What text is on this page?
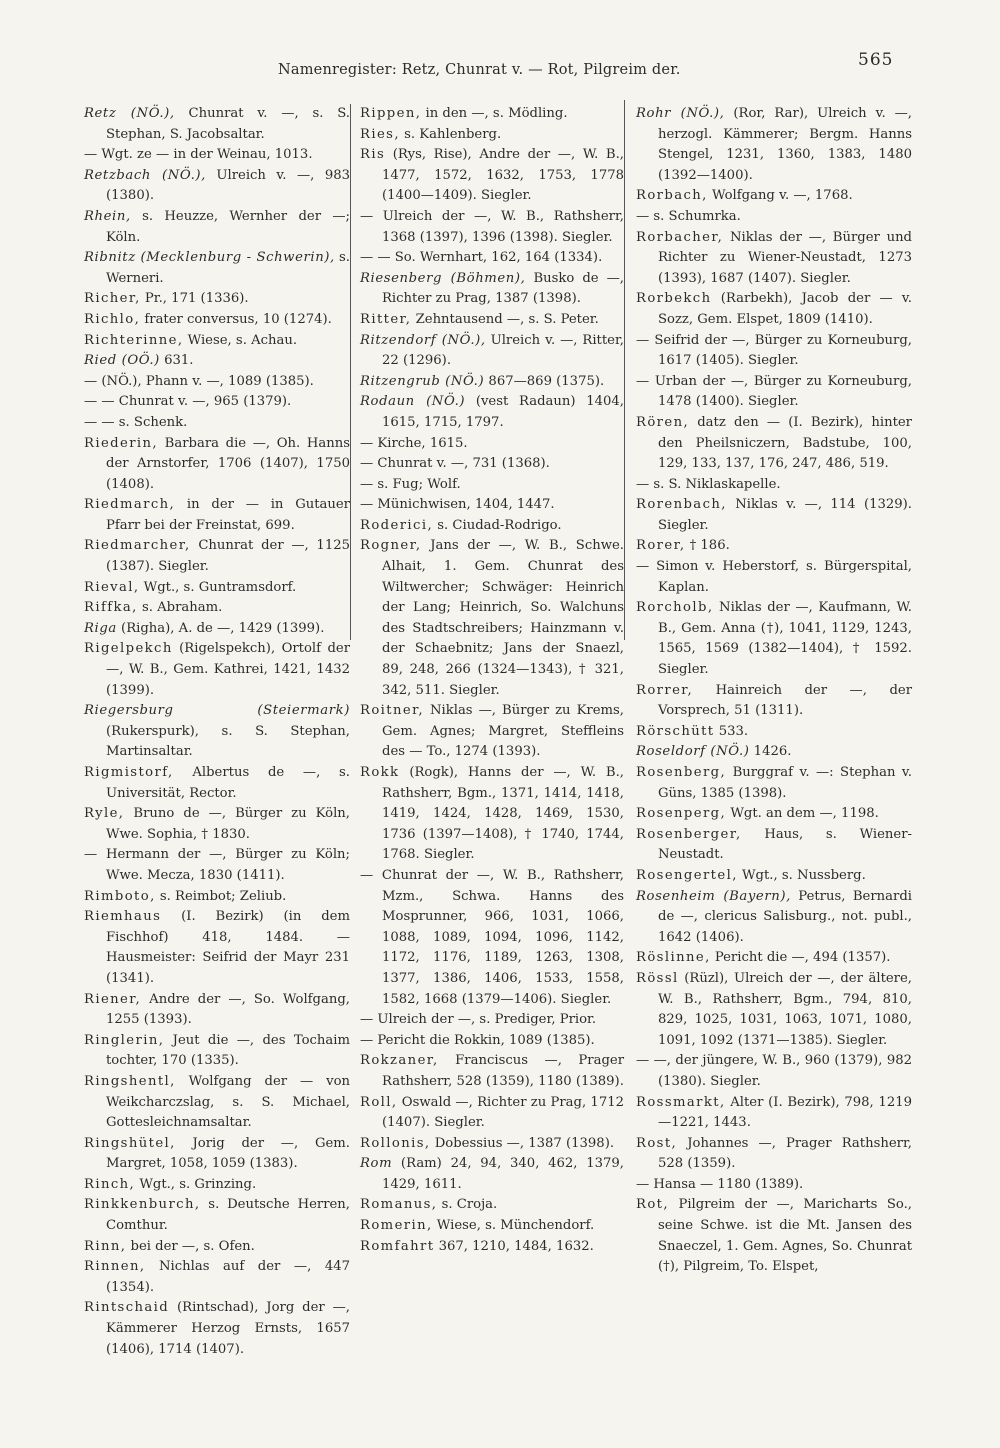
Namenregister: Retz, Chunrat v. — Rot, Pilgreim der.	565

Retz (NÖ.), Chunrat v. —, s. S. Stephan, S. Jacobsaltar.

— Wgt. ze — in der Weinau, 1013.

Retzbach (NÖ.), Ulreich v. —, 983 (1380).

Rhein, s. Heuzze, Wernher der —; Köln.

Ribnitz (Mecklenburg - Schwerin), s. Werneri.

Richer, Pr., 171 (1336).

Richlo, frater conversus, 10 (1274).

Richterinne, Wiese, s. Achau.

Ried (OÖ.) 631.

— (NÖ.), Phann v. —, 1089 (1385).

— — Chunrat v. —, 965 (1379).

— — s. Schenk.

Riederin, Barbara die —, Oh. Hanns der Arnstorfer, 1706 (1407), 1750 (1408).

Riedmarch, in der — in Gutauer Pfarr bei der Freinstat, 699.

Riedmarcher, Chunrat der —, 1125 (1387). Siegler.

Rieval, Wgt., s. Guntramsdorf.

Riffka, s. Abraham.

Riga (Righa), A. de —, 1429 (1399).

Rigelpekch (Rigelspekch), Ortolf der —, W. B., Gem. Kathrei, 1421, 1432 (1399).

Riegersburg (Steiermark) (Rukerspurk), s. S. Stephan, Martinsaltar.

Rigmistorf, Albertus de —, s. Universität, Rector.

Ryle, Bruno de —, Bürger zu Köln, Wwe. Sophia, † 1830.

— Hermann der —, Bürger zu Köln; Wwe. Mecza, 1830 (1411).

Rimboto, s. Reimbot; Zeliub.

Riemhaus (I. Bezirk) (in dem Fischhof) 418, 1484. — Hausmeister: Seifrid der Mayr 231 (1341).

Riener, Andre der —, So. Wolfgang, 1255 (1393).

Ringlerin, Jeut die —, des Tochaim tochter, 170 (1335).

Ringshentl, Wolfgang der — von Weikcharczslag, s. S. Michael, Gottesleichnamsaltar.

Ringshütel, Jorig der —, Gem. Margret, 1058, 1059 (1383).

Rinch, Wgt., s. Grinzing.

Rinkkenburch, s. Deutsche Herren, Comthur.

Rinn, bei der —, s. Ofen.

Rinnen, Nichlas auf der —, 447 (1354).

Rintschaid (Rintschad), Jorg der —, Kämmerer Herzog Ernsts, 1657 (1406), 1714 (1407).

Rippen, in den —, s. Mödling.

Ries, s. Kahlenberg.

Ris (Rys, Rise), Andre der —, W. B., 1477, 1572, 1632, 1753, 1778 (1400—1409). Siegler.

— Ulreich der —, W. B., Rathsherr, 1368 (1397), 1396 (1398). Siegler.

— — So. Wernhart, 162, 164 (1334).

Riesenberg (Böhmen), Busko de —, Richter zu Prag, 1387 (1398).

Ritter, Zehntausend —, s. S. Peter.

Ritzendorf (NÖ.), Ulreich v. —, Ritter, 22 (1296).

Ritzengrub (NÖ.) 867—869 (1375).

Rodaun (NÖ.) (vest Radaun) 1404, 1615, 1715, 1797.

— Kirche, 1615.

— Chunrat v. —, 731 (1368).

— s. Fug; Wolf.

— Münichwisen, 1404, 1447.

Roderici, s. Ciudad-Rodrigo.

Rogner, Jans der —, W. B., Schwe. Alhait, 1. Gem. Chunrat des Wiltwercher; Schwäger: Heinrich der Lang; Heinrich, So. Walchuns des Stadtschreibers; Hainzmann v. der Schaebnitz; Jans der Snaezl, 89, 248, 266 (1324—1343), † 321, 342, 511. Siegler.

Roitner, Niklas —, Bürger zu Krems, Gem. Agnes; Margret, Steffleins des — To., 1274 (1393).

Rokk (Rogk), Hanns der —, W. B., Rathsherr, Bgm., 1371, 1414, 1418, 1419, 1424, 1428, 1469, 1530, 1736 (1397—1408), † 1740, 1744, 1768. Siegler.

— Chunrat der —, W. B., Rathsherr, Mzm., Schwa. Hanns des Mosprunner, 966, 1031, 1066, 1088, 1089, 1094, 1096, 1142, 1172, 1176, 1189, 1263, 1308, 1377, 1386, 1406, 1533, 1558, 1582, 1668 (1379—1406). Siegler.

— Ulreich der —, s. Prediger, Prior.

— Pericht die Rokkin, 1089 (1385).

Rokzaner, Franciscus —, Prager Rathsherr, 528 (1359), 1180 (1389).

Roll, Oswald —, Richter zu Prag, 1712 (1407). Siegler.

Rollonis, Dobessius —, 1387 (1398).

Rom (Ram) 24, 94, 340, 462, 1379, 1429, 1611.

Romanus, s. Croja.

Romerin, Wiese, s. Münchendorf.

Romfahrt 367, 1210, 1484, 1632.

Rohr (NÖ.), (Ror, Rar), Ulreich v. —, herzogl. Kämmerer; Bergm. Hanns Stengel, 1231, 1360, 1383, 1480 (1392—1400).

Rorbach, Wolfgang v. —, 1768.

— s. Schumrka.

Rorbacher, Niklas der —, Bürger und Richter zu Wiener-Neustadt, 1273 (1393), 1687 (1407). Siegler.

Rorbekch (Rarbekh), Jacob der — v. Sozz, Gem. Elspet, 1809 (1410).

— Seifrid der —, Bürger zu Korneuburg, 1617 (1405). Siegler.

— Urban der —, Bürger zu Korneuburg, 1478 (1400). Siegler.

Rören, datz den — (I. Bezirk), hinter den Pheilsniczern, Badstube, 100, 129, 133, 137, 176, 247, 486, 519.

— s. S. Niklaskapelle.

Rorenbach, Niklas v. —, 114 (1329). Siegler.

Rorer, † 186.

— Simon v. Heberstorf, s. Bürgerspital, Kaplan.

Rorcholb, Niklas der —, Kaufmann, W. B., Gem. Anna (†), 1041, 1129, 1243, 1565, 1569 (1382—1404), † 1592. Siegler.

Rorrer, Hainreich der —, der Vorsprech, 51 (1311).

Rörschütt 533.

Roseldorf (NÖ.) 1426.

Rosenberg, Burggraf v. —: Stephan v. Güns, 1385 (1398).

Rosenperg, Wgt. an dem —, 1198.

Rosenberger, Haus, s. Wiener-Neustadt.

Rosengertel, Wgt., s. Nussberg.

Rosenheim (Bayern), Petrus, Bernardi de —, clericus Salisburg., not. publ., 1642 (1406).

Röslinne, Pericht die —, 494 (1357).

Rössl (Rüzl), Ulreich der —, der ältere, W. B., Rathsherr, Bgm., 794, 810, 829, 1025, 1031, 1063, 1071, 1080, 1091, 1092 (1371—1385). Siegler.

— —, der jüngere, W. B., 960 (1379), 982 (1380). Siegler.

Rossmarkt, Alter (I. Bezirk), 798, 1219—1221, 1443.

Rost, Johannes —, Prager Rathsherr, 528 (1359).

— Hansa — 1180 (1389).

Rot, Pilgreim der —, Maricharts So., seine Schwe. ist die Mt. Jansen des Snaeczel, 1. Gem. Agnes, So. Chunrat (†), Pilgreim, To. Elspet,
